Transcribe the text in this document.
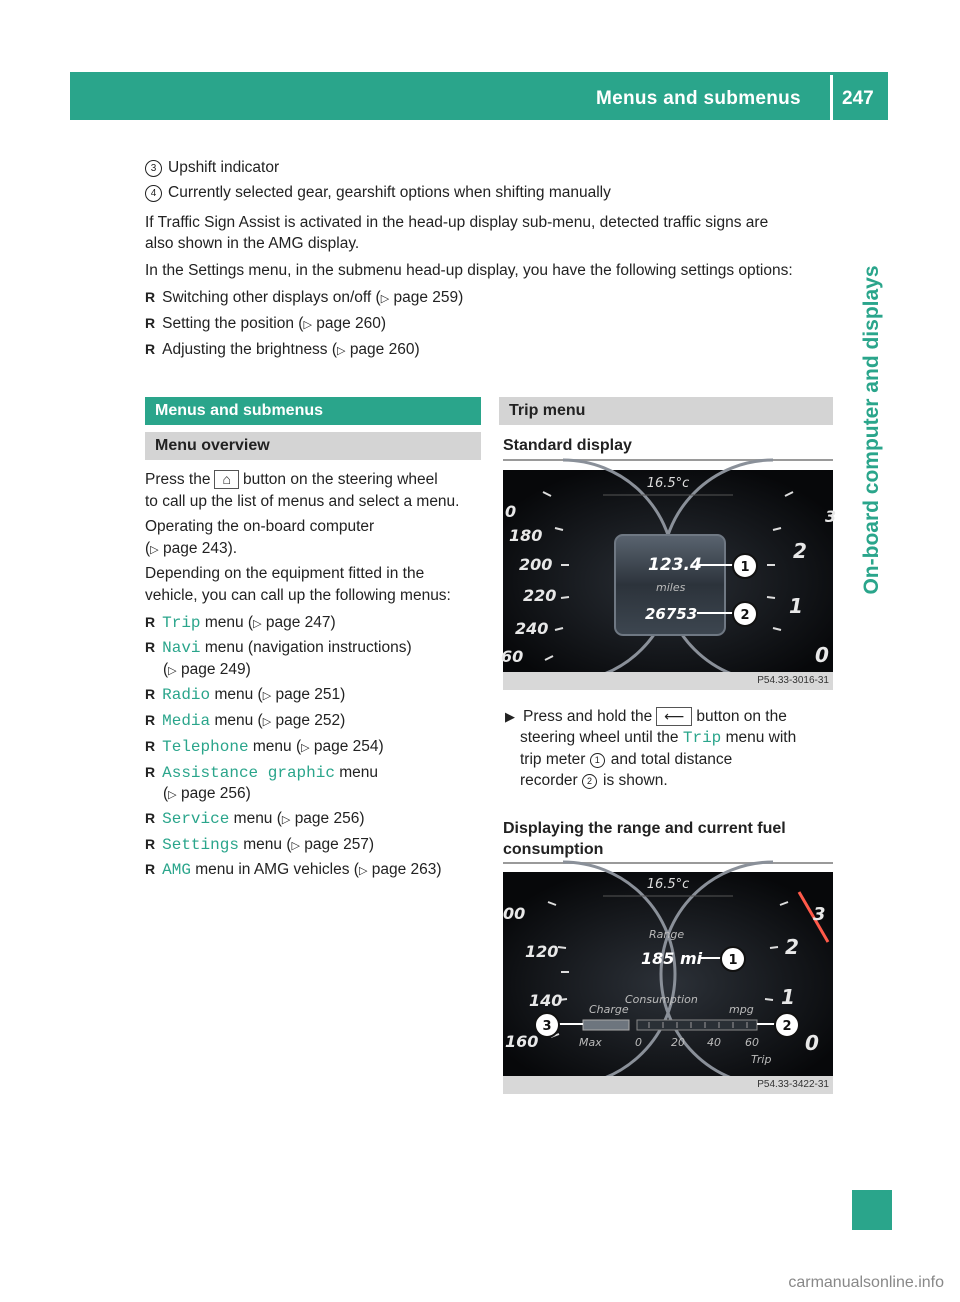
Menus and submenus 247
On-board computer and displays
3 Upshift indicator
4 Currently selected gear, gearshift options when shifting manually
If Traffic Sign Assist is activated in the head-up display sub-menu, detected traffic signs are
also shown in the AMG display.
In the Settings menu, in the submenu head-up display, you have the following settings options:
R Switching other displays on/off (▷ page 259)
R Setting the position (▷ page 260)
R Adjusting the brightness (▷ page 260)
Menus and submenus
Menu overview
Press the ⌂ button on the steering wheel
to call up the list of menus and select a menu.
Operating the on-board computer
(▷ page 243).
Depending on the equipment fitted in the
vehicle, you can call up the following menus:
R Trip menu (▷ page 247)
R Navi menu (navigation instructions)
(▷ page 249)
R Radio menu (▷ page 251)
R Media menu (▷ page 252)
R Telephone menu (▷ page 254)
R Assistance graphic menu
(▷ page 256)
R Service menu (▷ page 256)
R Settings menu (▷ page 257)
R AMG menu in AMG vehicles (▷ page 263)
Trip menu
Standard display
0
180
200
220
240
60
3
2
1
0
16.5°c
123.4
miles
26753
1
2
P54.33-3016-31
▶ Press and hold the ⟵ button on the
steering wheel until the Trip menu with
trip meter 1 and total distance
recorder 2 is shown.
Displaying the range and current fuel
consumption
00
120
140
160
3
2
1
0
16.5°c
Range
185 mi 1
Consumption
Charge	mpg
Max	0	20 40 60
Trip
3	2
P54.33-3422-31
carmanualsonline.info
